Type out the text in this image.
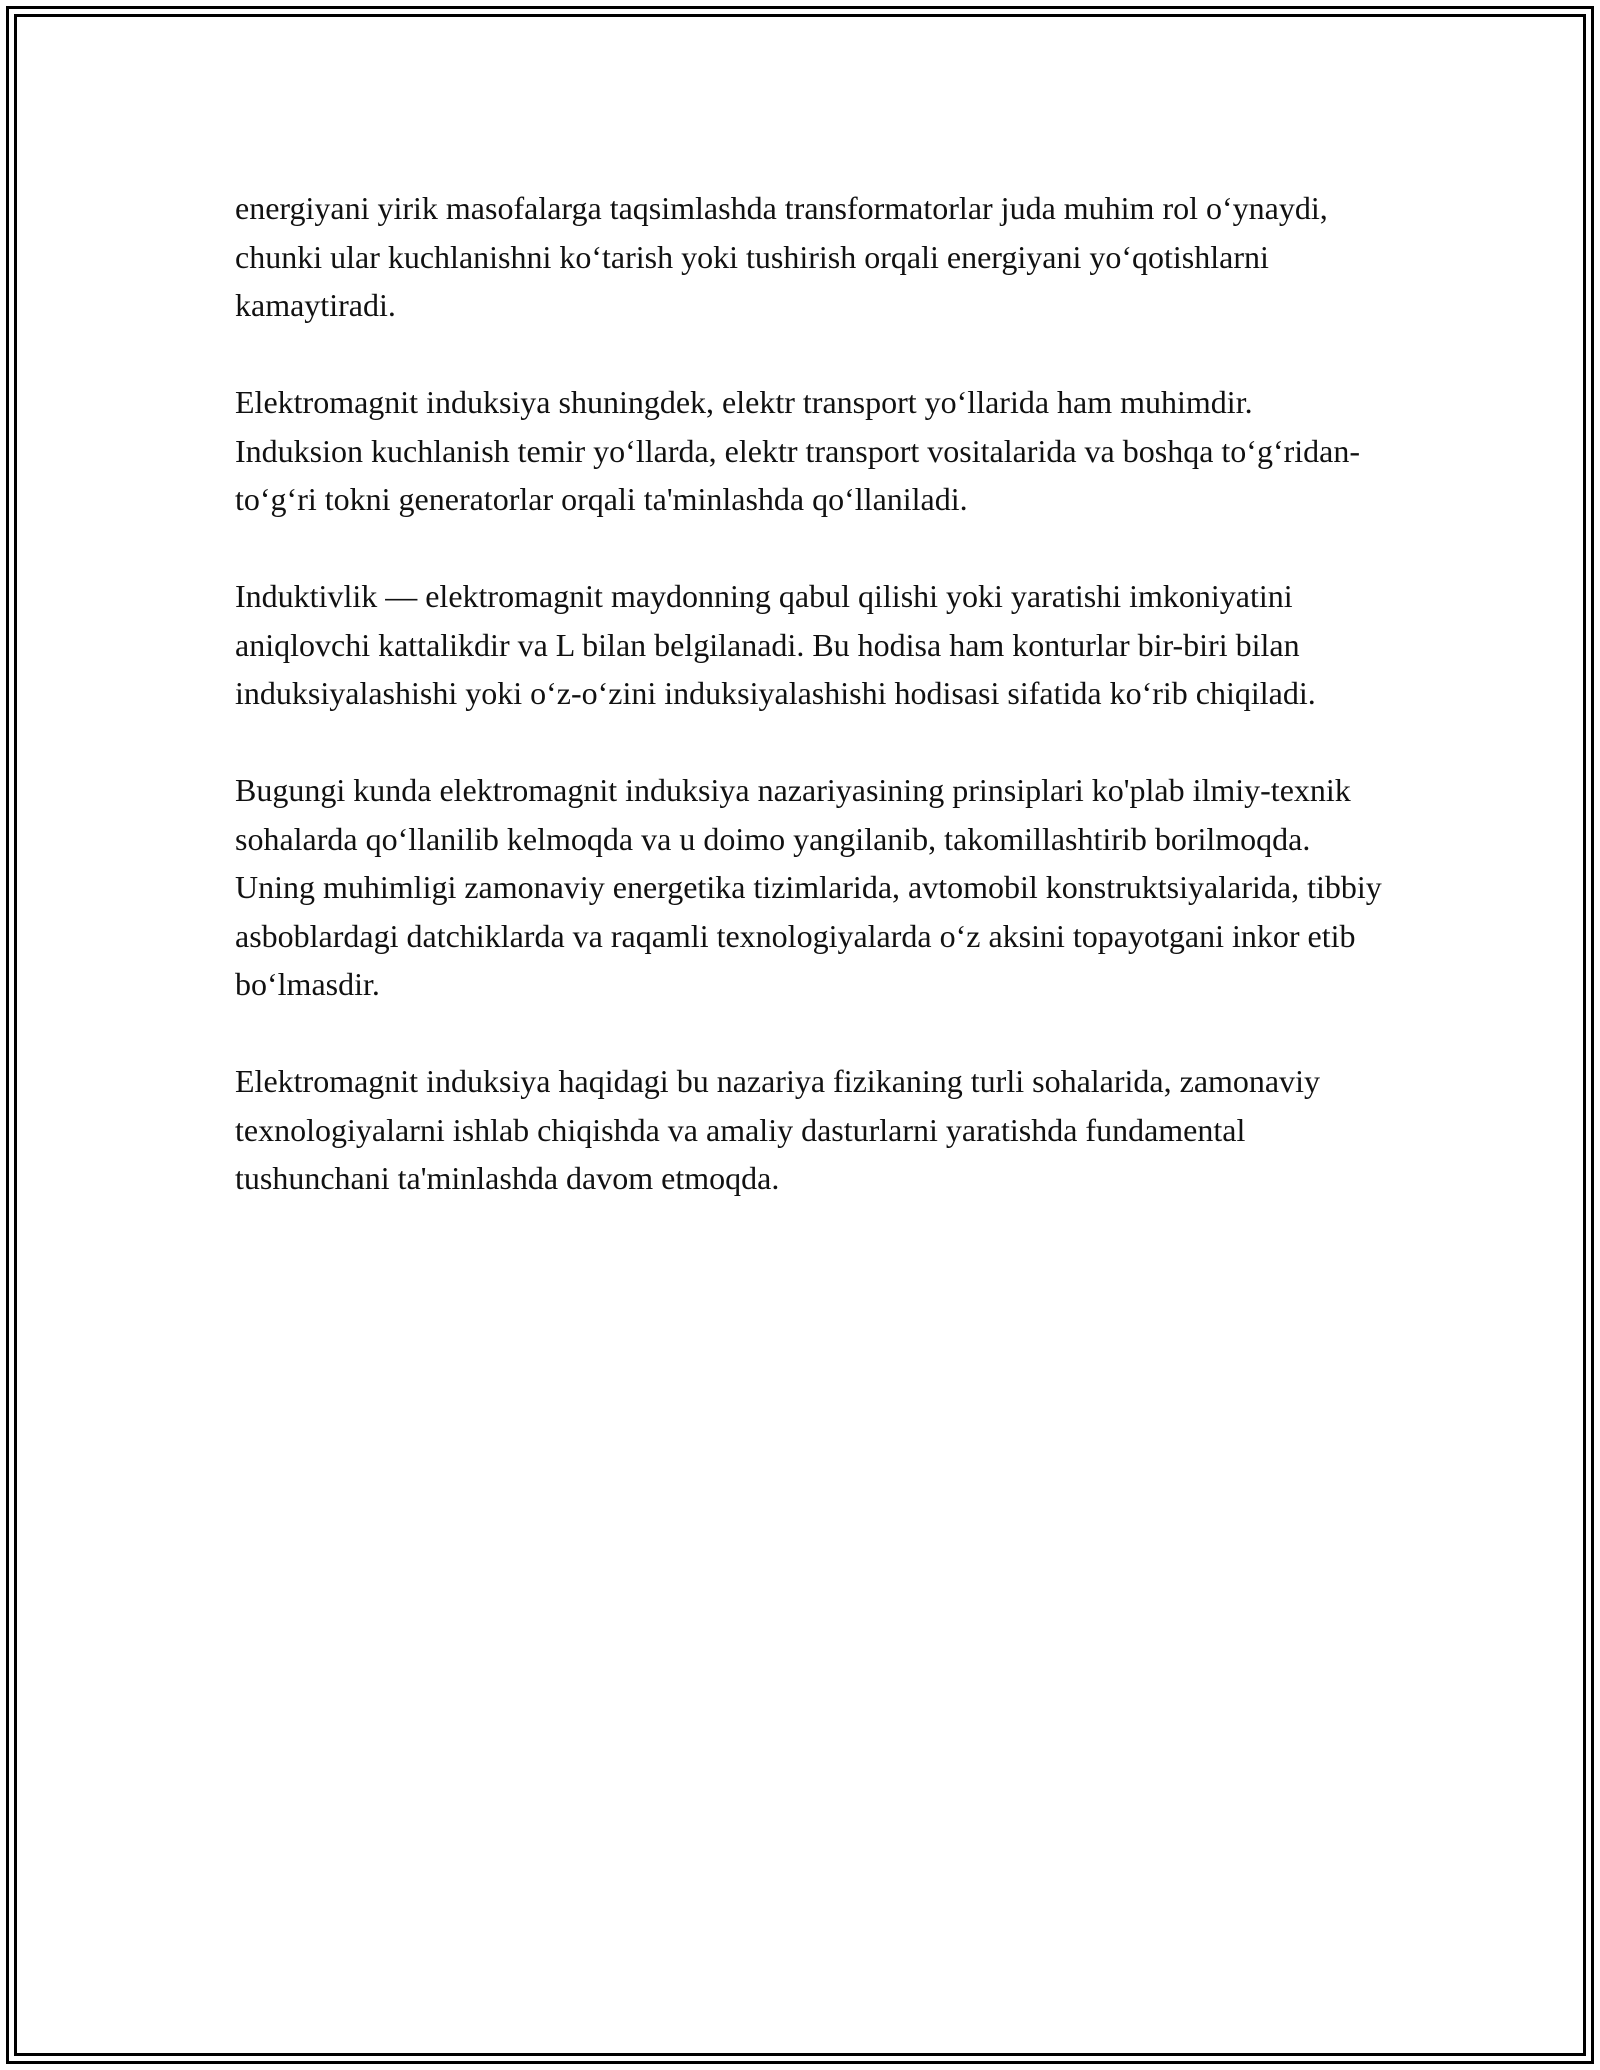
energiyani yirik masofalarga taqsimlashda transformatorlar juda muhim rol o‘ynaydi, chunki ular kuchlanishni ko‘tarish yoki tushirish orqali energiyani yo‘qotishlarni kamaytiradi.

Elektromagnit induksiya shuningdek, elektr transport yo‘llarida ham muhimdir. Induksion kuchlanish temir yo‘llarda, elektr transport vositalarida va boshqa to‘g‘ridan-to‘g‘ri tokni generatorlar orqali ta'minlashda qo‘llaniladi.

Induktivlik — elektromagnit maydonning qabul qilishi yoki yaratishi imkoniyatini aniqlovchi kattalikdir va L bilan belgilanadi. Bu hodisa ham konturlar bir-biri bilan induksiyalashishi yoki o‘z-o‘zini induksiyalashishi hodisasi sifatida ko‘rib chiqiladi.

Bugungi kunda elektromagnit induksiya nazariyasining prinsiplari ko'plab ilmiy-texnik sohalarda qo‘llanilib kelmoqda va u doimo yangilanib, takomillashtirib borilmoqda. Uning muhimligi zamonaviy energetika tizimlarida, avtomobil konstruktsiyalarida, tibbiy asboblardagi datchiklarda va raqamli texnologiyalarda o‘z aksini topayotgani inkor etib bo‘lmasdir.

Elektromagnit induksiya haqidagi bu nazariya fizikaning turli sohalarida, zamonaviy texnologiyalarni ishlab chiqishda va amaliy dasturlarni yaratishda fundamental tushunchani ta'minlashda davom etmoqda.
